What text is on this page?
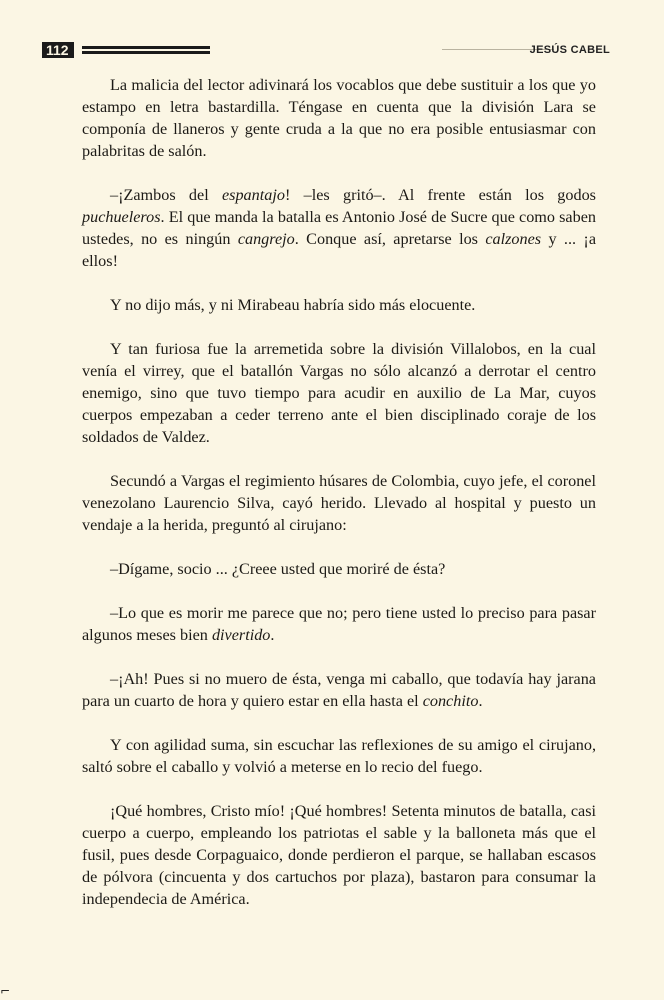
112	JESÚS CABEL

La malicia del lector adivinará los vocablos que debe sustituir a los que yo estampo en letra bastardilla. Téngase en cuenta que la división Lara se componía de llaneros y gente cruda a la que no era posible entusiasmar con palabritas de salón.

–¡Zambos del espantajo! –les gritó–. Al frente están los godos puchueleros. El que manda la batalla es Antonio José de Sucre que como saben ustedes, no es ningún cangrejo. Conque así, apretarse los calzones y ... ¡a ellos!

Y no dijo más, y ni Mirabeau habría sido más elocuente.

Y tan furiosa fue la arremetida sobre la división Villalobos, en la cual venía el virrey, que el batallón Vargas no sólo alcanzó a derrotar el centro enemigo, sino que tuvo tiempo para acudir en auxilio de La Mar, cuyos cuerpos empezaban a ceder terreno ante el bien disciplinado coraje de los soldados de Valdez.

Secundó a Vargas el regimiento húsares de Colombia, cuyo jefe, el coronel venezolano Laurencio Silva, cayó herido. Llevado al hospital y puesto un vendaje a la herida, preguntó al cirujano:

–Dígame, socio ... ¿Creee usted que moriré de ésta?

–Lo que es morir me parece que no; pero tiene usted lo preciso para pasar algunos meses bien divertido.

–¡Ah! Pues si no muero de ésta, venga mi caballo, que todavía hay jarana para un cuarto de hora y quiero estar en ella hasta el conchito.

Y con agilidad suma, sin escuchar las reflexiones de su amigo el cirujano, saltó sobre el caballo y volvió a meterse en lo recio del fuego.

¡Qué hombres, Cristo mío! ¡Qué hombres! Setenta minutos de batalla, casi cuerpo a cuerpo, empleando los patriotas el sable y la balloneta más que el fusil, pues desde Corpaguaico, donde perdieron el parque, se hallaban escasos de pólvora (cincuenta y dos cartuchos por plaza), bastaron para consumar la independecia de América.

⌐
